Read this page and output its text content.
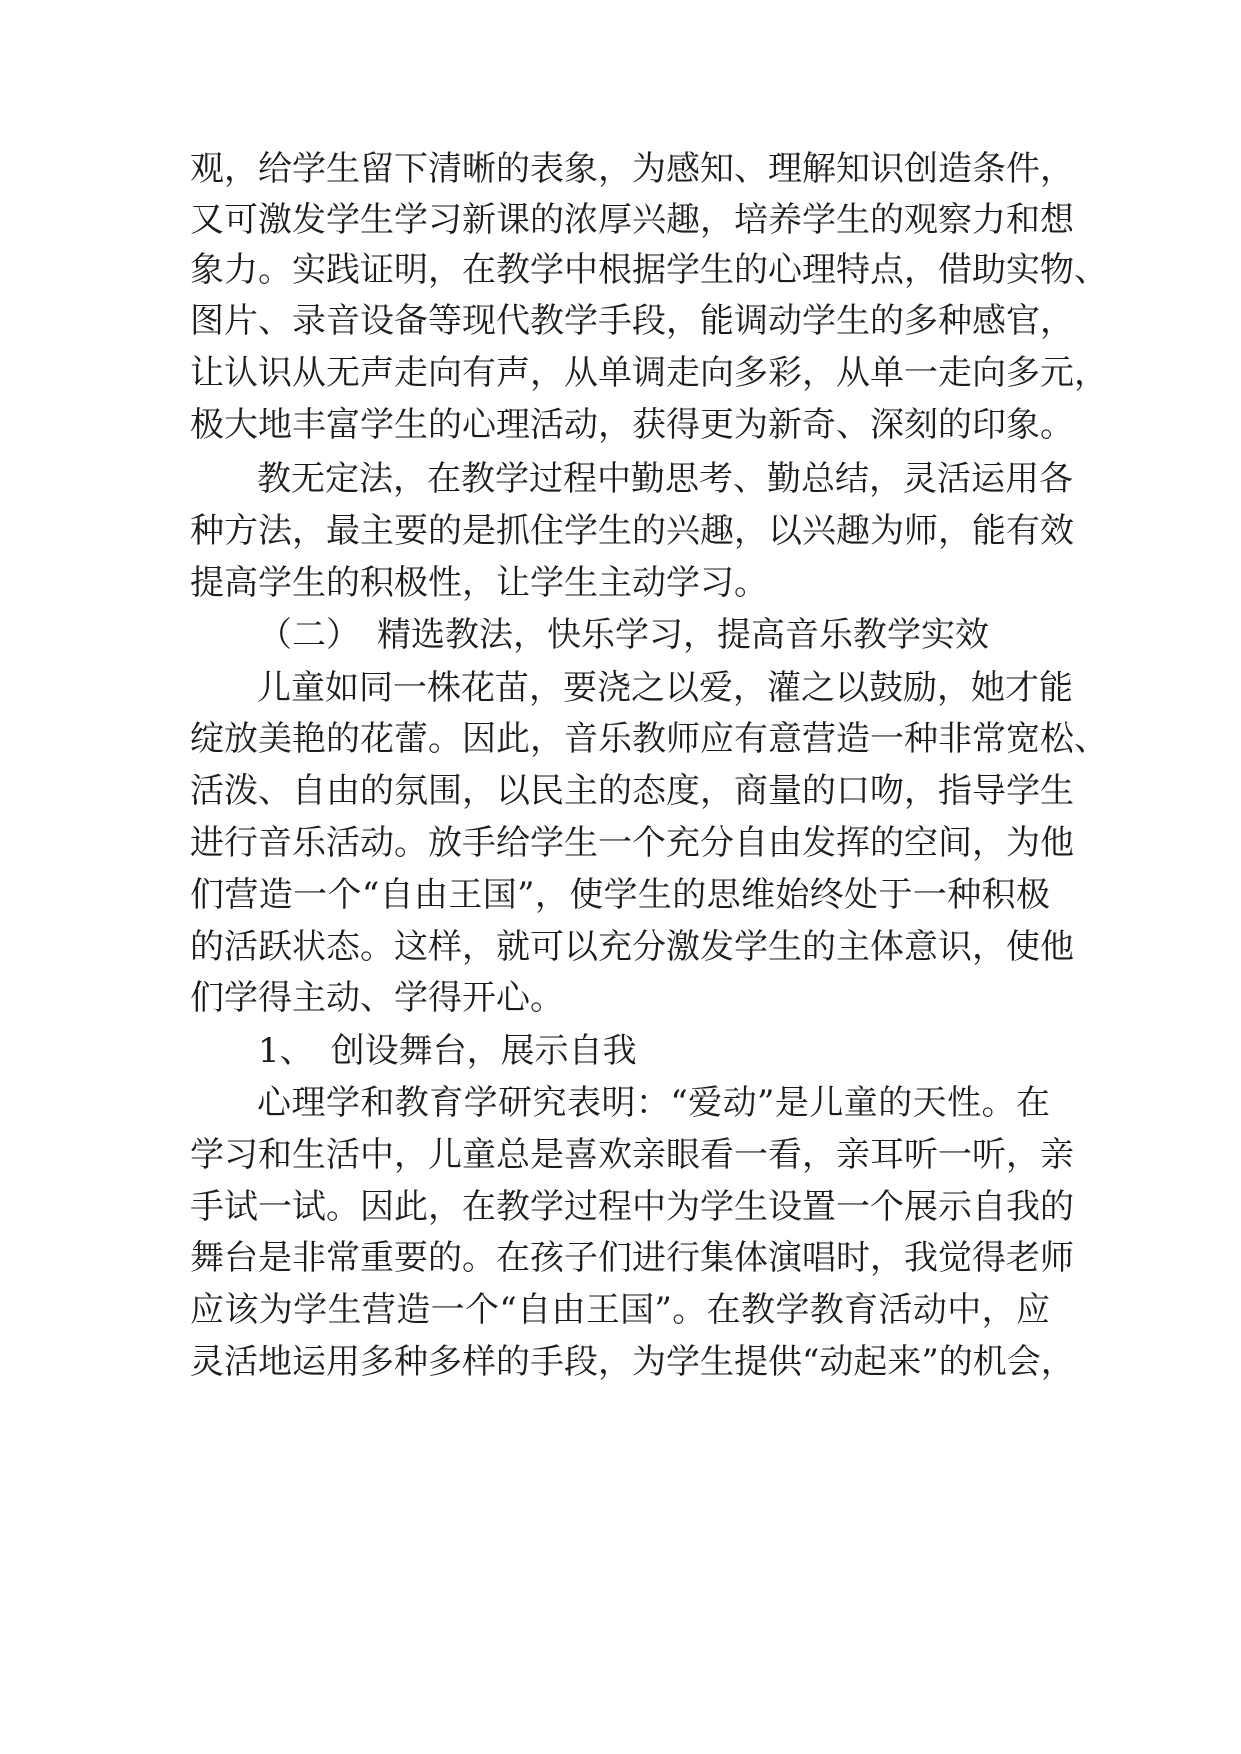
观，给学生留下清晰的表象，为感知、理解知识创造条件，

又可激发学生学习新课的浓厚兴趣，培养学生的观察力和想

象力。实践证明，在教学中根据学生的心理特点，借助实物、

图片、录音设备等现代教学手段，能调动学生的多种感官，

让认识从无声走向有声，从单调走向多彩，从单一走向多元，

极大地丰富学生的心理活动，获得更为新奇、深刻的印象。

教无定法，在教学过程中勤思考、勤总结，灵活运用各

种方法，最主要的是抓住学生的兴趣，以兴趣为师，能有效

提高学生的积极性，让学生主动学习。

（二）　精选教法，快乐学习，提高音乐教学实效

儿童如同一株花苗，要浇之以爱，灌之以鼓励，她才能

绽放美艳的花蕾。因此，音乐教师应有意营造一种非常宽松、

活泼、自由的氛围，以民主的态度，商量的口吻，指导学生

进行音乐活动。放手给学生一个充分自由发挥的空间，为他

们营造一个“自由王国”，使学生的思维始终处于一种积极

的活跃状态。这样，就可以充分激发学生的主体意识，使他

们学得主动、学得开心。

1、　创设舞台，展示自我

心理学和教育学研究表明：“爱动”是儿童的天性。在

学习和生活中，儿童总是喜欢亲眼看一看，亲耳听一听，亲

手试一试。因此，在教学过程中为学生设置一个展示自我的

舞台是非常重要的。在孩子们进行集体演唱时，我觉得老师

应该为学生营造一个“自由王国”。在教学教育活动中，应

灵活地运用多种多样的手段，为学生提供“动起来”的机会，
